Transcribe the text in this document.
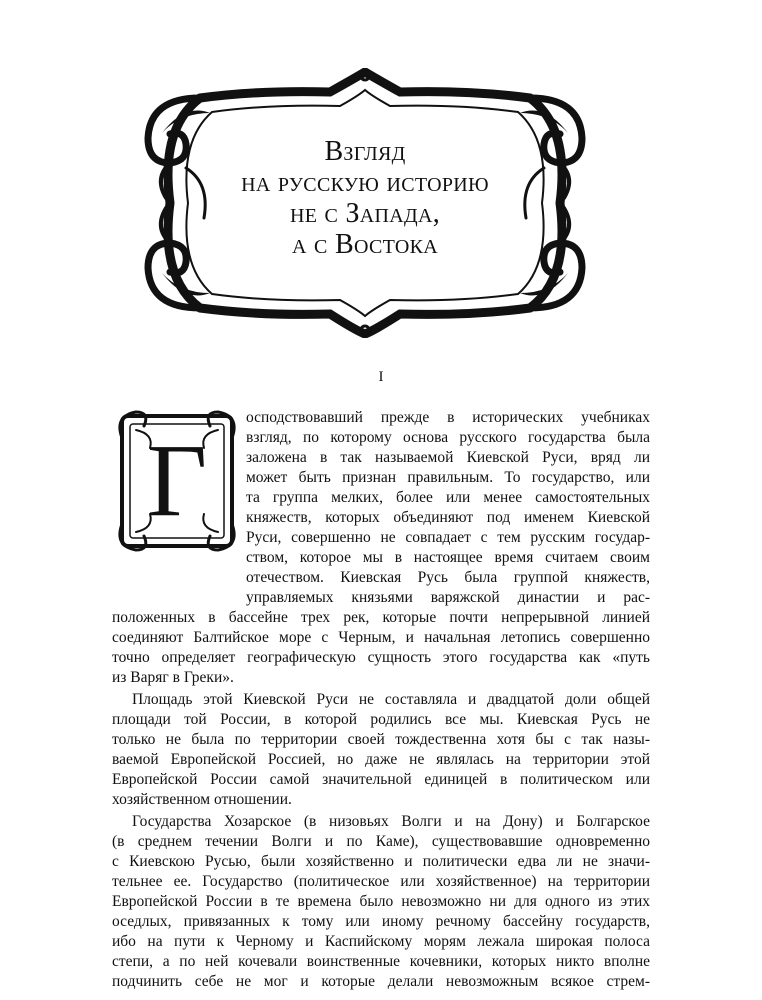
Взгляд
на русскую историю
не с Запада,
а с Востока
I
Г
осподствовавший прежде в исторических учебниках
взгляд, по которому основа русского государства была
заложена в так называемой Киевской Руси, вряд ли
может быть признан правильным. То государство, или
та группа мелких, более или менее самостоятельных
княжеств, которых объединяют под именем Киевской
Руси, совершенно не совпадает с тем русским государ-
ством, которое мы в настоящее время считаем своим
отечеством. Киевская Русь была группой княжеств,
управляемых князьями варяжской династии и рас-
положенных в бассейне трех рек, которые почти непрерывной линией
соединяют Балтийское море с Черным, и начальная летопись совершенно
точно определяет географическую сущность этого государства как «путь
из Варяг в Греки».
Площадь этой Киевской Руси не составляла и двадцатой доли общей
площади той России, в которой родились все мы. Киевская Русь не
только не была по территории своей тождественна хотя бы с так назы-
ваемой Европейской Россией, но даже не являлась на территории этой
Европейской России самой значительной единицей в политическом или
хозяйственном отношении.
Государства Хозарское (в низовьях Волги и на Дону) и Болгарское
(в среднем течении Волги и по Каме), существовавшие одновременно
с Киевскою Русью, были хозяйственно и политически едва ли не значи-
тельнее ее. Государство (политическое или хозяйственное) на территории
Европейской России в те времена было невозможно ни для одного из этих
оседлых, привязанных к тому или иному речному бассейну государств,
ибо на пути к Черному и Каспийскому морям лежала широкая полоса
степи, а по ней кочевали воинственные кочевники, которых никто вполне
подчинить себе не мог и которые делали невозможным всякое стрем-
